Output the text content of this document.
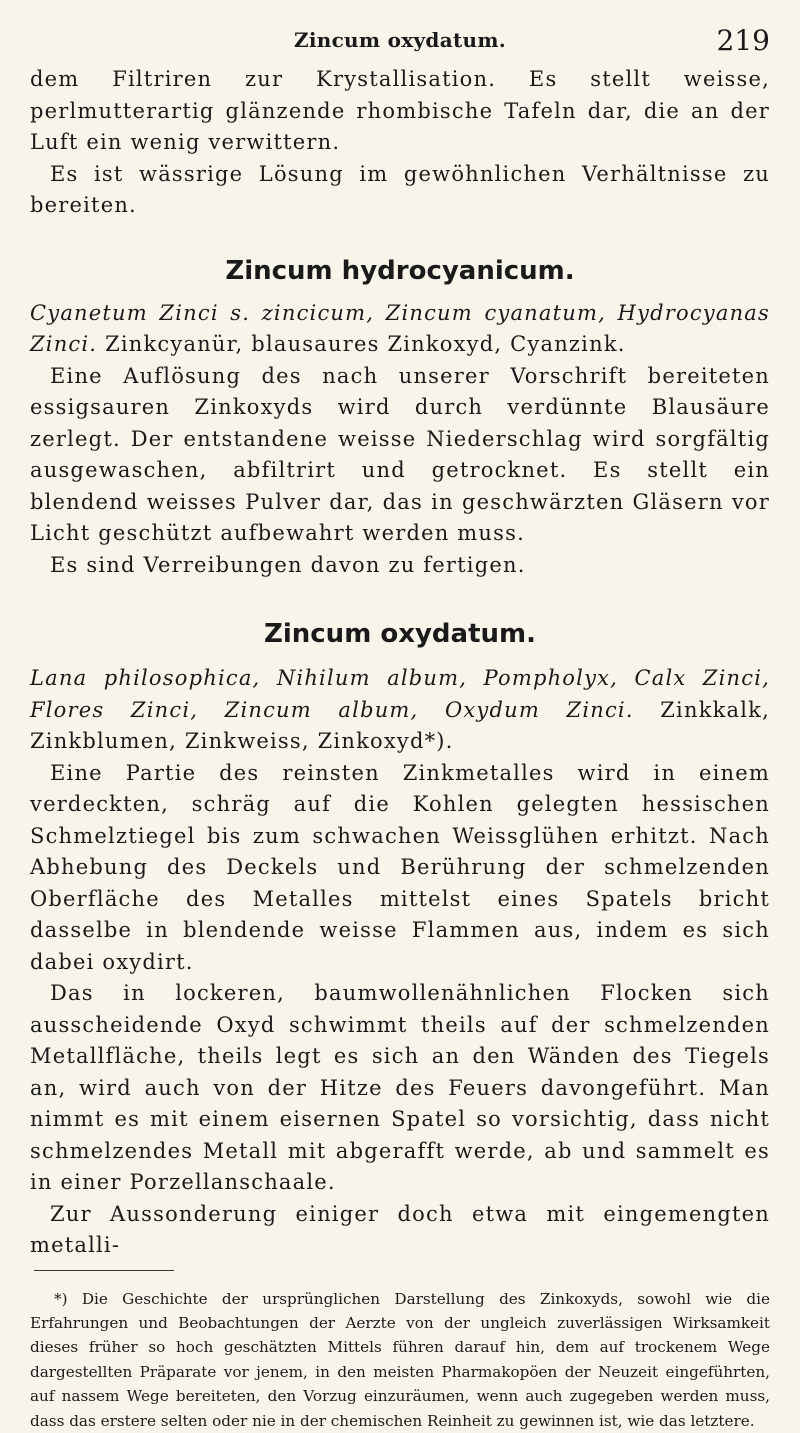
Zincum oxydatum.	219

dem Filtriren zur Krystallisation. Es stellt weisse, perlmutterartig glänzende rhombische Tafeln dar, die an der Luft ein wenig verwittern.

Es ist wässrige Lösung im gewöhnlichen Verhältnisse zu bereiten.

Zincum hydrocyanicum.

Cyanetum Zinci s. zincicum, Zincum cyanatum, Hydrocyanas Zinci. Zinkcyanür, blausaures Zinkoxyd, Cyanzink.

Eine Auflösung des nach unserer Vorschrift bereiteten essigsauren Zinkoxyds wird durch verdünnte Blausäure zerlegt. Der entstandene weisse Niederschlag wird sorgfältig ausgewaschen, abfiltrirt und getrocknet. Es stellt ein blendend weisses Pulver dar, das in geschwärzten Gläsern vor Licht geschützt aufbewahrt werden muss.

Es sind Verreibungen davon zu fertigen.

Zincum oxydatum.

Lana philosophica, Nihilum album, Pompholyx, Calx Zinci, Flores Zinci, Zincum album, Oxydum Zinci. Zinkkalk, Zinkblumen, Zinkweiss, Zinkoxyd*).

Eine Partie des reinsten Zinkmetalles wird in einem verdeckten, schräg auf die Kohlen gelegten hessischen Schmelztiegel bis zum schwachen Weissglühen erhitzt. Nach Abhebung des Deckels und Berührung der schmelzenden Oberfläche des Metalles mittelst eines Spatels bricht dasselbe in blendende weisse Flammen aus, indem es sich dabei oxydirt.

Das in lockeren, baumwollenähnlichen Flocken sich ausscheidende Oxyd schwimmt theils auf der schmelzenden Metallfläche, theils legt es sich an den Wänden des Tiegels an, wird auch von der Hitze des Feuers davongeführt. Man nimmt es mit einem eisernen Spatel so vorsichtig, dass nicht schmelzendes Metall mit abgerafft werde, ab und sammelt es in einer Porzellanschaale.

Zur Aussonderung einiger doch etwa mit eingemengten metalli-

*) Die Geschichte der ursprünglichen Darstellung des Zinkoxyds, sowohl wie die Erfahrungen und Beobachtungen der Aerzte von der ungleich zuverlässigen Wirksamkeit dieses früher so hoch geschätzten Mittels führen darauf hin, dem auf trockenem Wege dargestellten Präparate vor jenem, in den meisten Pharmakopöen der Neuzeit eingeführten, auf nassem Wege bereiteten, den Vorzug einzuräumen, wenn auch zugegeben werden muss, dass das erstere selten oder nie in der chemischen Reinheit zu gewinnen ist, wie das letztere.
